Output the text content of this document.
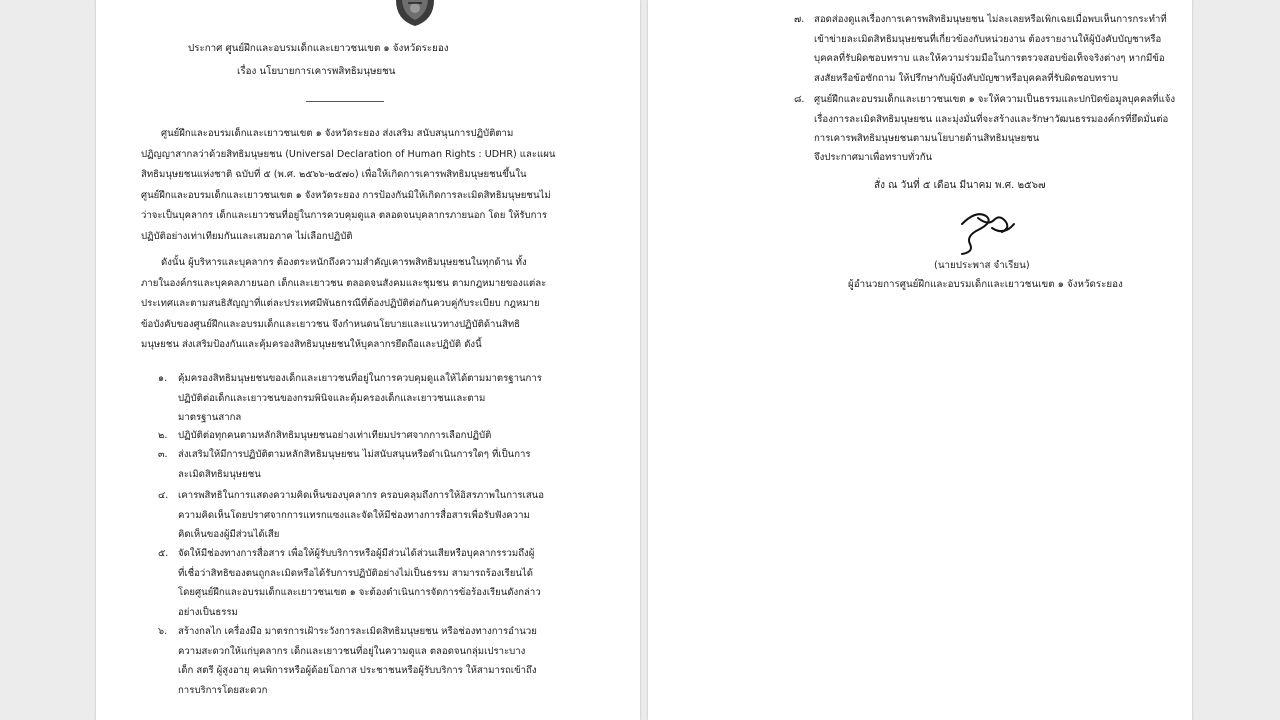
ประกาศ ศูนย์ฝึกและอบรมเด็กและเยาวชนเขต ๑ จังหวัดระยอง
เรื่อง นโยบายการเคารพสิทธิมนุษยชน

ศูนย์ฝึกและอบรมเด็กและเยาวชนเขต ๑ จังหวัดระยอง ส่งเสริม สนับสนุนการปฏิบัติตาม

ปฏิญญาสากลว่าด้วยสิทธิมนุษยชน (Universal Declaration of Human Rights : UDHR) และแผน

สิทธิมนุษยชนแห่งชาติ ฉบับที่ ๕ (พ.ศ. ๒๕๖๖-๒๕๗๐) เพื่อให้เกิดการเคารพสิทธิมนุษยชนขึ้นใน

ศูนย์ฝึกและอบรมเด็กและเยาวชนเขต ๑ จังหวัดระยอง การป้องกันมิให้เกิดการละเมิดสิทธิมนุษยชนไม่

ว่าจะเป็นบุคลากร เด็กและเยาวชนที่อยู่ในการควบคุมดูแล ตลอดจนบุคลากรภายนอก โดย ให้รับการ

ปฏิบัติอย่างเท่าเทียมกันและเสมอภาค ไม่เลือกปฏิบัติ

ดังนั้น ผู้บริหารและบุคลากร ต้องตระหนักถึงความสำคัญเคารพสิทธิมนุษยชนในทุกด้าน ทั้ง

ภายในองค์กรและบุคคลภายนอก เด็กและเยาวชน ตลอดจนสังคมและชุมชน ตามกฎหมายของแต่ละ

ประเทศและตามสนธิสัญญาที่แต่ละประเทศมีพันธกรณีที่ต้องปฏิบัติต่อกันควบคู่กับระเบียบ กฎหมาย

ข้อบังคับของศูนย์ฝึกและอบรมเด็กและเยาวชน จึงกำหนดนโยบายและแนวทางปฏิบัติด้านสิทธิ

มนุษยชน ส่งเสริมป้องกันและคุ้มครองสิทธิมนุษยชนให้บุคลากรยึดถือและปฏิบัติ ดังนี้

๑. คุ้มครองสิทธิมนุษยชนของเด็กและเยาวชนที่อยู่ในการควบคุมดูแลให้ได้ตามมาตรฐานการ

ปฏิบัติต่อเด็กและเยาวชนของกรมพินิจและคุ้มครองเด็กและเยาวชนและตาม

มาตรฐานสากล

๒. ปฏิบัติต่อทุกคนตามหลักสิทธิมนุษยชนอย่างเท่าเทียมปราศจากการเลือกปฏิบัติ

๓. ส่งเสริมให้มีการปฏิบัติตามหลักสิทธิมนุษยชน ไม่สนับสนุนหรือดำเนินการใดๆ ที่เป็นการ

ละเมิดสิทธิมนุษยชน

๔. เคารพสิทธิในการแสดงความคิดเห็นของบุคลากร ครอบคลุมถึงการให้อิสรภาพในการเสนอ

ความคิดเห็นโดยปราศจากการแทรกแซงและจัดให้มีช่องทางการสื่อสารเพื่อรับฟังความ

คิดเห็นของผู้มีส่วนได้เสีย

๕. จัดให้มีช่องทางการสื่อสาร เพื่อให้ผู้รับบริการหรือผู้มีส่วนได้ส่วนเสียหรือบุคลากรรวมถึงผู้

ที่เชื่อว่าสิทธิของตนถูกละเมิดหรือได้รับการปฏิบัติอย่างไม่เป็นธรรม สามารถร้องเรียนได้

โดยศูนย์ฝึกและอบรมเด็กและเยาวชนเขต ๑ จะต้องดำเนินการจัดการข้อร้องเรียนดังกล่าว

อย่างเป็นธรรม

๖. สร้างกลไก เครื่องมือ มาตรการเฝ้าระวังการละเมิดสิทธิมนุษยชน หรือช่องทางการอำนวย

ความสะดวกให้แก่บุคลากร เด็กและเยาวชนที่อยู่ในความดูแล ตลอดจนกลุ่มเปราะบาง

เด็ก สตรี ผู้สูงอายุ คนพิการหรือผู้ด้อยโอกาส ประชาชนหรือผู้รับบริการ ให้สามารถเข้าถึง

การบริการโดยสะดวก

๗. สอดส่องดูแลเรื่องการเคารพสิทธิมนุษยชน ไม่ละเลยหรือเพิกเฉยเมื่อพบเห็นการกระทำที่

เข้าข่ายละเมิดสิทธิมนุษยชนที่เกี่ยวข้องกับหน่วยงาน ต้องรายงานให้ผู้บังคับบัญชาหรือ

บุคคลที่รับผิดชอบทราบ และให้ความร่วมมือในการตรวจสอบข้อเท็จจริงต่างๆ หากมีข้อ

สงสัยหรือข้อซักถาม ให้ปรึกษากับผู้บังคับบัญชาหรือบุคคลที่รับผิดชอบทราบ

๘. ศูนย์ฝึกและอบรมเด็กและเยาวชนเขต ๑ จะให้ความเป็นธรรมและปกปิดข้อมูลบุคคลที่แจ้ง

เรื่องการละเมิดสิทธิมนุษยชน และมุ่งมั่นที่จะสร้างและรักษาวัฒนธรรมองค์กรที่ยึดมั่นต่อ

การเคารพสิทธิมนุษยชนตามนโยบายด้านสิทธิมนุษยชน

จึงประกาศมาเพื่อทราบทั่วกัน
สั่ง ณ วันที่ ๕ เดือน มีนาคม พ.ศ. ๒๕๖๗
(นายประพาส จำเรียน)
ผู้อำนวยการศูนย์ฝึกและอบรมเด็กและเยาวชนเขต ๑ จังหวัดระยอง
